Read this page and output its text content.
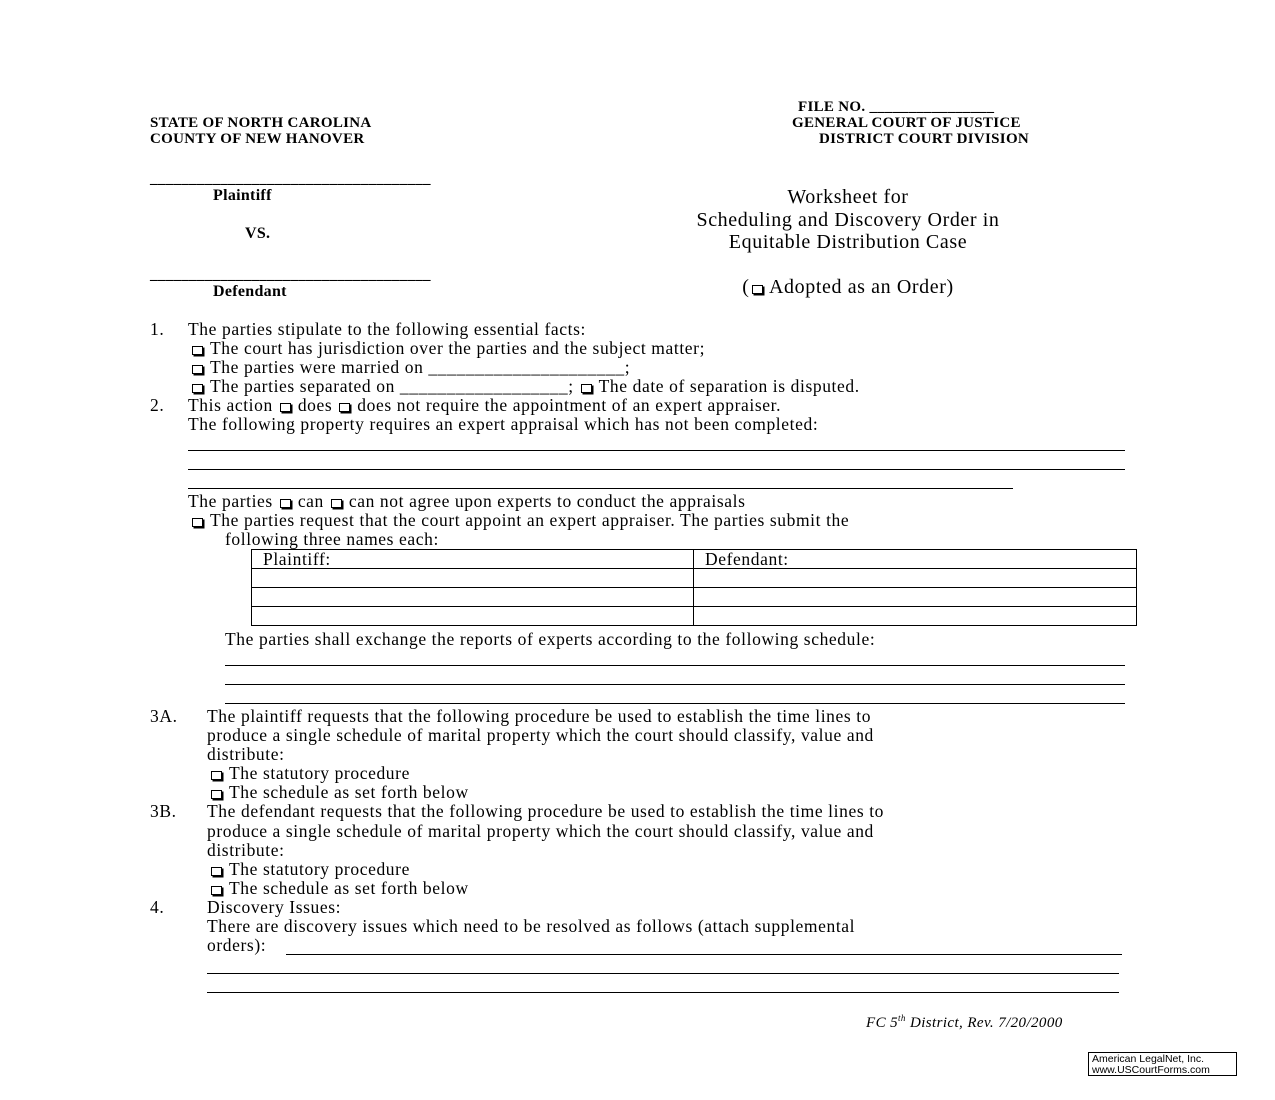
STATE OF NORTH CAROLINA
COUNTY OF NEW HANOVER
FILE NO. ________________
GENERAL COURT OF JUSTICE
DISTRICT COURT DIVISION
____________________________________
Plaintiff
VS.
____________________________________
Defendant
Worksheet for
Scheduling and Discovery Order in
Equitable Distribution Case
( Adopted as an Order)
1. The parties stipulate to the following essential facts:
The court has jurisdiction over the parties and the subject matter;
The parties were married on _____________________;
The parties separated on __________________; The date of separation is disputed.
2. This action does does not require the appointment of an expert appraiser.
The following property requires an expert appraisal which has not been completed:
The parties can can not agree upon experts to conduct the appraisals
The parties request that the court appoint an expert appraiser. The parties submit the
following three names each:
Plaintiff:	Defendant:

The parties shall exchange the reports of experts according to the following schedule:
3A. The plaintiff requests that the following procedure be used to establish the time lines to
produce a single schedule of marital property which the court should classify, value and
distribute:
The statutory procedure
The schedule as set forth below
3B. The defendant requests that the following procedure be used to establish the time lines to
produce a single schedule of marital property which the court should classify, value and
distribute:
The statutory procedure
The schedule as set forth below
4. Discovery Issues:
There are discovery issues which need to be resolved as follows (attach supplemental
orders):
FC 5th District, Rev. 7/20/2000
American LegalNet, Inc.
www.USCourtForms.com
